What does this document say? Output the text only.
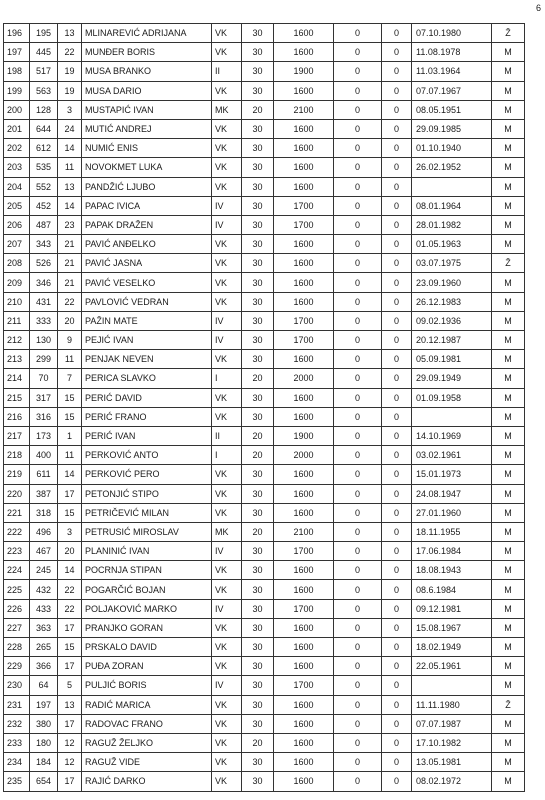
6
196	195	13	MLINAREVIĆ ADRIJANA	VK	30	1600	0	0	07.10.1980	Ž
197	445	22	MUNĐER BORIS	VK	30	1600	0	0	11.08.1978	M
198	517	19	MUSA BRANKO	II	30	1900	0	0	11.03.1964	M
199	563	19	MUSA DARIO	VK	30	1600	0	0	07.07.1967	M
200	128	3	MUSTAPIĆ IVAN	MK	20	2100	0	0	08.05.1951	M
201	644	24	MUTIĆ ANDREJ	VK	30	1600	0	0	29.09.1985	M
202	612	14	NUMIĆ ENIS	VK	30	1600	0	0	01.10.1940	M
203	535	11	NOVOKMET LUKA	VK	30	1600	0	0	26.02.1952	M
204	552	13	PANDŽIĆ LJUBO	VK	30	1600	0	0		M
205	452	14	PAPAC IVICA	IV	30	1700	0	0	08.01.1964	M
206	487	23	PAPAK DRAŽEN	IV	30	1700	0	0	28.01.1982	M
207	343	21	PAVIĆ ANĐELKO	VK	30	1600	0	0	01.05.1963	M
208	526	21	PAVIĆ JASNA	VK	30	1600	0	0	03.07.1975	Ž
209	346	21	PAVIĆ VESELKO	VK	30	1600	0	0	23.09.1960	M
210	431	22	PAVLOVIĆ VEDRAN	VK	30	1600	0	0	26.12.1983	M
211	333	20	PAŽIN MATE	IV	30	1700	0	0	09.02.1936	M
212	130	9	PEJIĆ IVAN	IV	30	1700	0	0	20.12.1987	M
213	299	11	PENJAK NEVEN	VK	30	1600	0	0	05.09.1981	M
214	70	7	PERICA SLAVKO	I	20	2000	0	0	29.09.1949	M
215	317	15	PERIĆ DAVID	VK	30	1600	0	0	01.09.1958	M
216	316	15	PERIĆ FRANO	VK	30	1600	0	0		M
217	173	1	PERIĆ IVAN	II	20	1900	0	0	14.10.1969	M
218	400	11	PERKOVIĆ ANTO	I	20	2000	0	0	03.02.1961	M
219	611	14	PERKOVIĆ PERO	VK	30	1600	0	0	15.01.1973	M
220	387	17	PETONJIĆ STIPO	VK	30	1600	0	0	24.08.1947	M
221	318	15	PETRIČEVIĆ MILAN	VK	30	1600	0	0	27.01.1960	M
222	496	3	PETRUSIĆ MIROSLAV	MK	20	2100	0	0	18.11.1955	M
223	467	20	PLANINIĆ IVAN	IV	30	1700	0	0	17.06.1984	M
224	245	14	POCRNJA STIPAN	VK	30	1600	0	0	18.08.1943	M
225	432	22	POGARČIĆ BOJAN	VK	30	1600	0	0	08.6.1984	M
226	433	22	POLJAKOVIĆ MARKO	IV	30	1700	0	0	09.12.1981	M
227	363	17	PRANJKO GORAN	VK	30	1600	0	0	15.08.1967	M
228	265	15	PRSKALO DAVID	VK	30	1600	0	0	18.02.1949	M
229	366	17	PUĐA ZORAN	VK	30	1600	0	0	22.05.1961	M
230	64	5	PULJIĆ BORIS	IV	30	1700	0	0		M
231	197	13	RADIĆ MARICA	VK	30	1600	0	0	11.11.1980	Ž
232	380	17	RADOVAC FRANO	VK	30	1600	0	0	07.07.1987	M
233	180	12	RAGUŽ ŽELJKO	VK	20	1600	0	0	17.10.1982	M
234	184	12	RAGUŽ VIDE	VK	30	1600	0	0	13.05.1981	M
235	654	17	RAJIĆ DARKO	VK	30	1600	0	0	08.02.1972	M
